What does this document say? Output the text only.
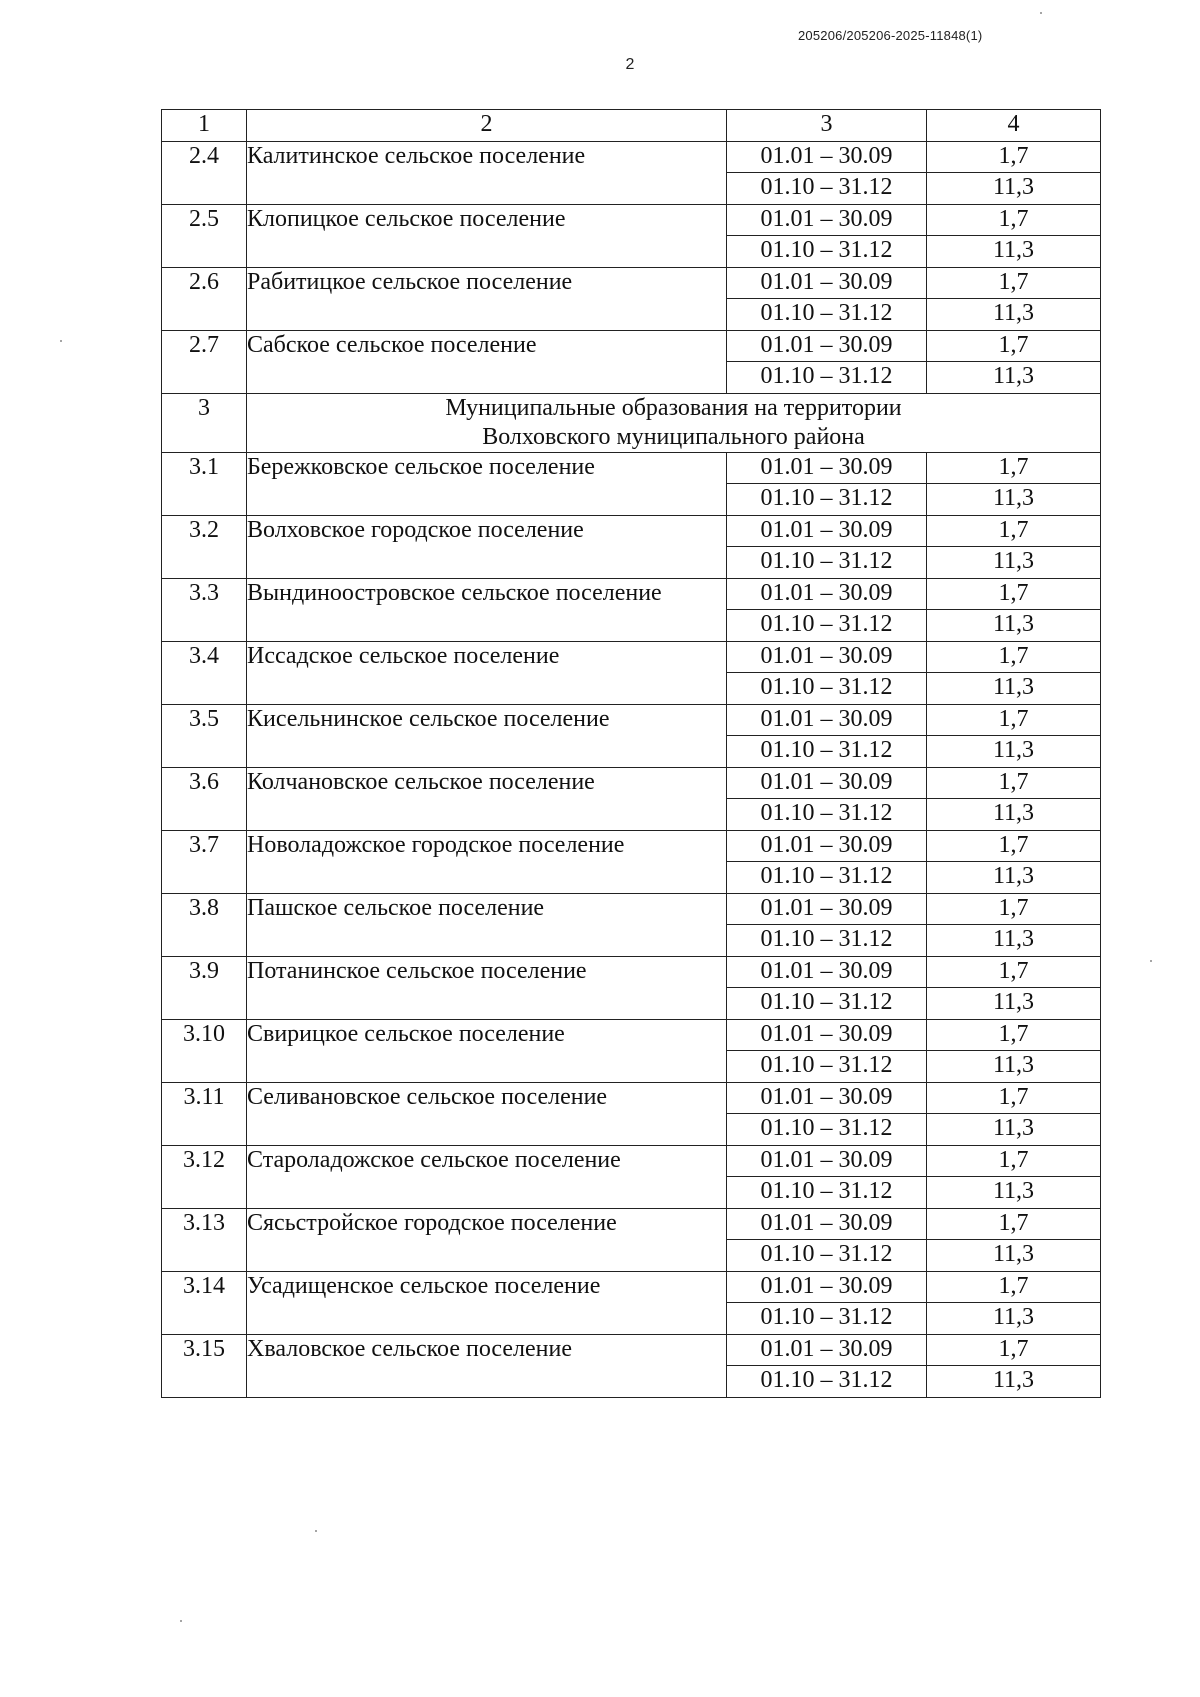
205206/205206-2025-11848(1)
2
1	2	3	4
2.4	Калитинское сельское поселение	01.01 – 30.09	1,7
		01.10 – 31.12	11,3
2.5	Клопицкое сельское поселение	01.01 – 30.09	1,7
		01.10 – 31.12	11,3
2.6	Рабитицкое сельское поселение	01.01 – 30.09	1,7
		01.10 – 31.12	11,3
2.7	Сабское сельское поселение	01.01 – 30.09	1,7
		01.10 – 31.12	11,3
3	Муниципальные образования на территории
Волховского муниципального района		

3.1	Бережковское сельское поселение	01.01 – 30.09	1,7
		01.10 – 31.12	11,3
3.2	Волховское городское поселение	01.01 – 30.09	1,7
		01.10 – 31.12	11,3
3.3	Вындиноостровское сельское поселение	01.01 – 30.09	1,7
		01.10 – 31.12	11,3
3.4	Иссадское сельское поселение	01.01 – 30.09	1,7
		01.10 – 31.12	11,3
3.5	Кисельнинское сельское поселение	01.01 – 30.09	1,7
		01.10 – 31.12	11,3
3.6	Колчановское сельское поселение	01.01 – 30.09	1,7
		01.10 – 31.12	11,3
3.7	Новоладожское городское поселение	01.01 – 30.09	1,7
		01.10 – 31.12	11,3
3.8	Пашское сельское поселение	01.01 – 30.09	1,7
		01.10 – 31.12	11,3
3.9	Потанинское сельское поселение	01.01 – 30.09	1,7
		01.10 – 31.12	11,3
3.10	Свирицкое сельское поселение	01.01 – 30.09	1,7
		01.10 – 31.12	11,3
3.11	Селивановское сельское поселение	01.01 – 30.09	1,7
		01.10 – 31.12	11,3
3.12	Староладожское сельское поселение	01.01 – 30.09	1,7
		01.10 – 31.12	11,3
3.13	Сясьстройское городское поселение	01.01 – 30.09	1,7
		01.10 – 31.12	11,3
3.14	Усадищенское сельское поселение	01.01 – 30.09	1,7
		01.10 – 31.12	11,3
3.15	Хваловское сельское поселение	01.01 – 30.09	1,7
		01.10 – 31.12	11,3
